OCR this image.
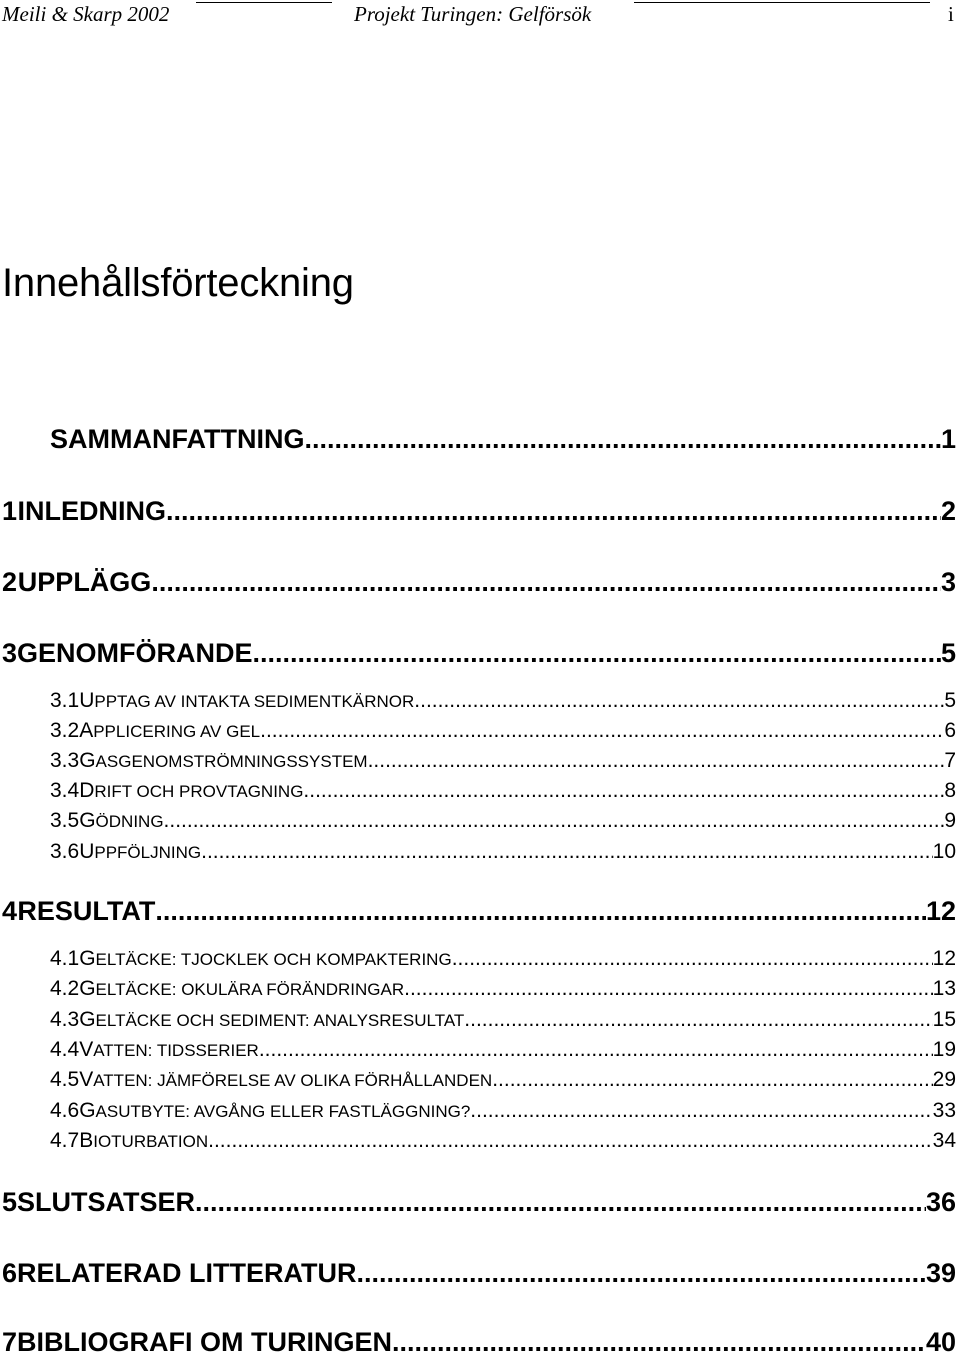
Meili & Skarp 2002	Projekt Turingen: Gelförsök	i
Innehållsförteckning
SAMMANFATTNING .....	1
1 INLEDNING .....	2
2 UPPLÄGG .....	3
3 GENOMFÖRANDE .....	5
3.1 UPPTAG AV INTAKTA SEDIMENTKÄRNOR .....	5
3.2 APPLICERING AV GEL .....	6
3.3 GASGENOMSTRÖMNINGSSYSTEM .....	7
3.4 DRIFT OCH PROVTAGNING .....	8
3.5 GÖDNING .....	9
3.6 UPPFÖLJNING .....	10
4 RESULTAT .....	12
4.1 GELTÄCKE: TJOCKLEK OCH KOMPAKTERING .....	12
4.2 GELTÄCKE: OKULÄRA FÖRÄNDRINGAR .....	13
4.3 GELTÄCKE OCH SEDIMENT: ANALYSRESULTAT .....	15
4.4 VATTEN: TIDSSERIER .....	19
4.5 VATTEN: JÄMFÖRELSE AV OLIKA FÖRHÅLLANDEN .....	29
4.6 GASUTBYTE: AVGÅNG ELLER FASTLÄGGNING? .....	33
4.7 BIOTURBATION .....	34
5 SLUTSATSER .....	36
6 RELATERAD LITTERATUR .....	39
7 BIBLIOGRAFI OM TURINGEN .....	40
